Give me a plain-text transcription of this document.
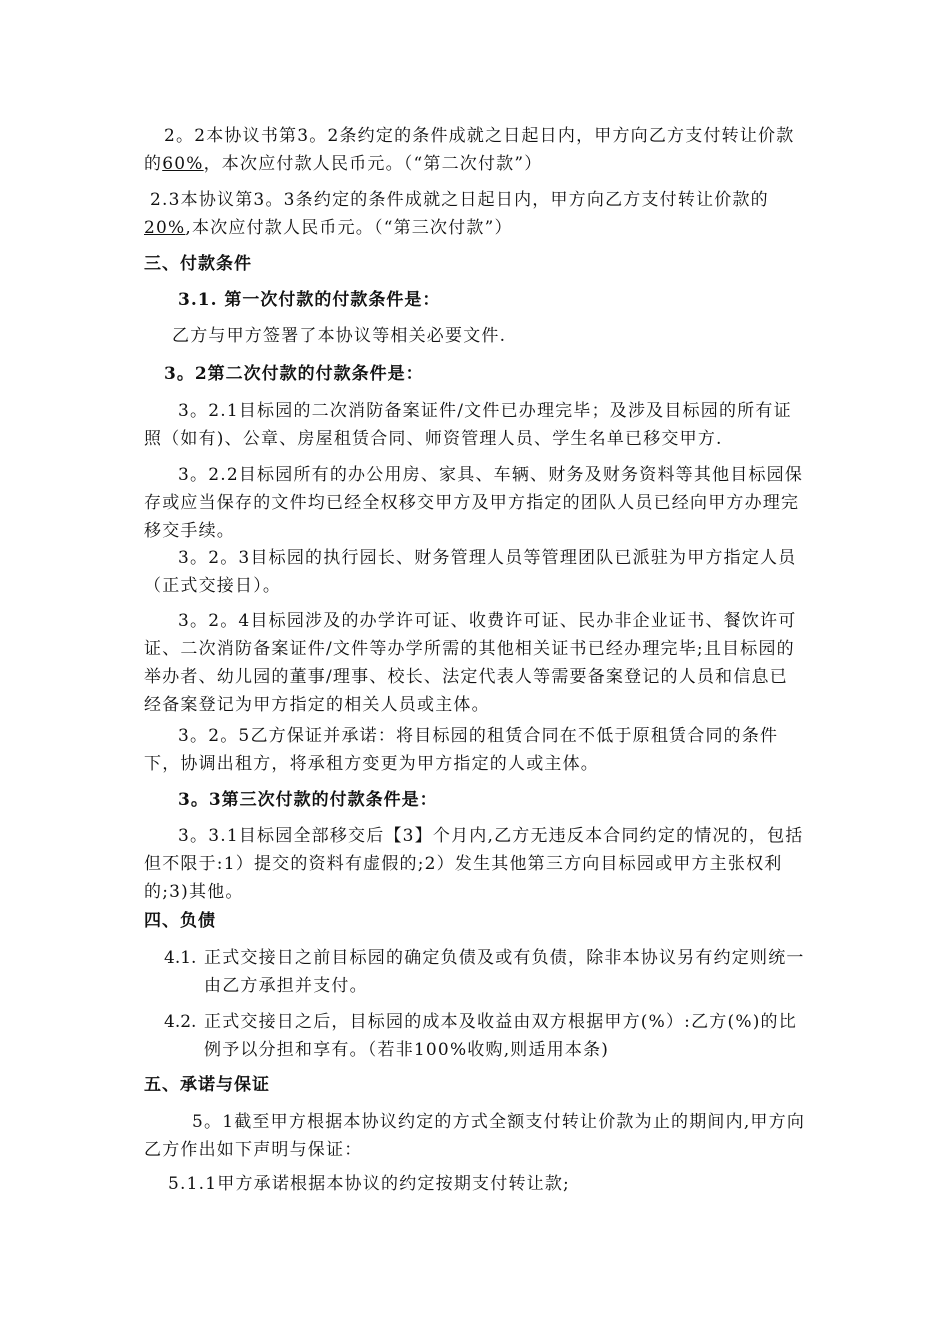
2。2本协议书第3。2条约定的条件成就之日起日内，甲方向乙方支付转让价款的60%，本次应付款人民币元。（“第二次付款”）

2.3本协议第3。3条约定的条件成就之日起日内，甲方向乙方支付转让价款的20%,本次应付款人民币元。（“第三次付款”）

三、付款条件

3.1. 第一次付款的付款条件是：

乙方与甲方签署了本协议等相关必要文件.

3。2第二次付款的付款条件是：

3。2.1目标园的二次消防备案证件/文件已办理完毕；及涉及目标园的所有证照（如有)、公章、房屋租赁合同、师资管理人员、学生名单已移交甲方.

3。2.2目标园所有的办公用房、家具、车辆、财务及财务资料等其他目标园保存或应当保存的文件均已经全权移交甲方及甲方指定的团队人员已经向甲方办理完移交手续。

3。2。3目标园的执行园长、财务管理人员等管理团队已派驻为甲方指定人员（正式交接日）。

3。2。4目标园涉及的办学许可证、收费许可证、民办非企业证书、餐饮许可证、二次消防备案证件/文件等办学所需的其他相关证书已经办理完毕;且目标园的举办者、幼儿园的董事/理事、校长、法定代表人等需要备案登记的人员和信息已经备案登记为甲方指定的相关人员或主体。

3。2。5乙方保证并承诺：将目标园的租赁合同在不低于原租赁合同的条件下，协调出租方，将承租方变更为甲方指定的人或主体。

3。3第三次付款的付款条件是：

3。3.1目标园全部移交后【3】个月内,乙方无违反本合同约定的情况的，包括但不限于:1）提交的资料有虚假的;2）发生其他第三方向目标园或甲方主张权利的;3)其他。

四、负债

4.1. 正式交接日之前目标园的确定负债及或有负债，除非本协议另有约定则统一由乙方承担并支付。

4.2. 正式交接日之后，目标园的成本及收益由双方根据甲方(%）:乙方(%)的比例予以分担和享有。（若非100%收购,则适用本条)

五、承诺与保证

5。1截至甲方根据本协议约定的方式全额支付转让价款为止的期间内,甲方向乙方作出如下声明与保证：

5.1.1甲方承诺根据本协议的约定按期支付转让款;
